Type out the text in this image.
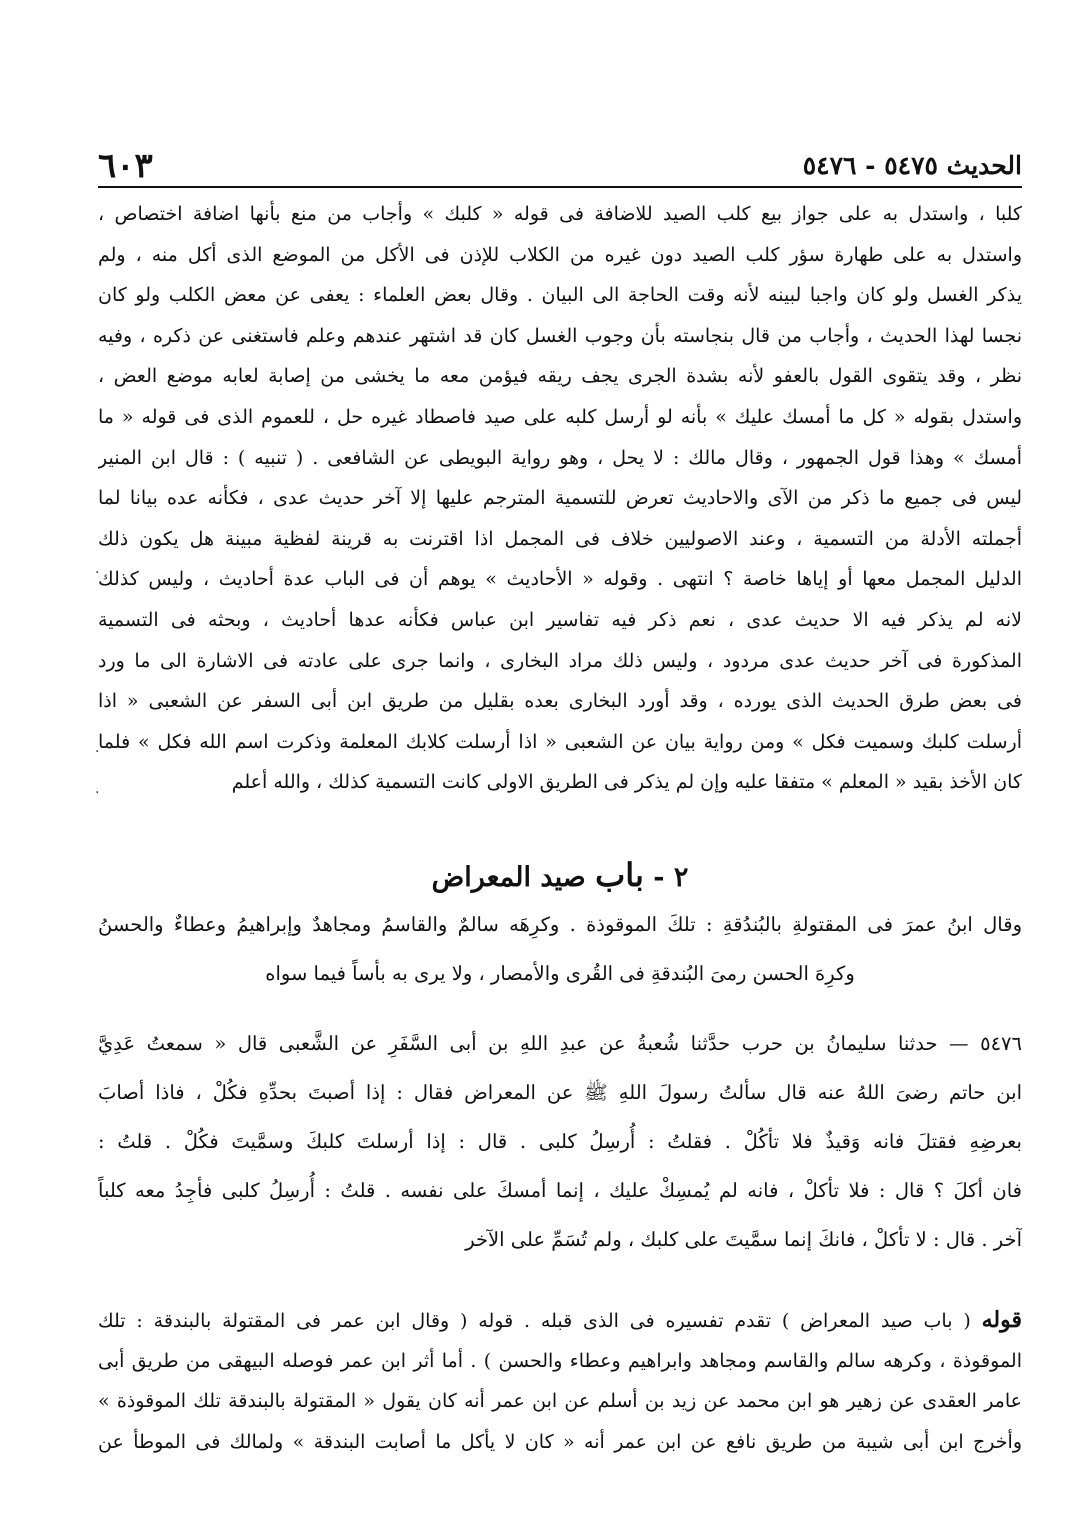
٦٠٣	الحديث ٥٤٧٥ - ٥٤٧٦
كلبا ، واستدل به على جواز بيع كلب الصيد للاضافة فى قوله « كلبك » وأجاب من منع بأنها اضافة اختصاص ،
واستدل به على طهارة سؤر كلب الصيد دون غيره من الكلاب للإذن فى الأكل من الموضع الذى أكل منه ، ولم
يذكر الغسل ولو كان واجبا لبينه لأنه وقت الحاجة الى البيان . وقال بعض العلماء : يعفى عن معض الكلب ولو كان
نجسا لهذا الحديث ، وأجاب من قال بنجاسته بأن وجوب الغسل كان قد اشتهر عندهم وعلم فاستغنى عن ذكره ، وفيه
نظر ، وقد يتقوى القول بالعفو لأنه بشدة الجرى يجف ريقه فيؤمن معه ما يخشى من إصابة لعابه موضع العض ،
واستدل بقوله « كل ما أمسك عليك » بأنه لو أرسل كلبه على صيد فاصطاد غيره حل ، للعموم الذى فى قوله « ما
أمسك » وهذا قول الجمهور ، وقال مالك : لا يحل ، وهو رواية البويطى عن الشافعى . ( تنبيه ) : قال ابن المنير
ليس فى جميع ما ذكر من الآى والاحاديث تعرض للتسمية المترجم عليها إلا آخر حديث عدى ، فكأنه عده بيانا لما
أجملته الأدلة من التسمية ، وعند الاصوليين خلاف فى المجمل اذا اقترنت به قرينة لفظية مبينة هل يكون ذلك
الدليل المجمل معها أو إياها خاصة ؟ انتهى . وقوله « الأحاديث » يوهم أن فى الباب عدة أحاديث ، وليس كذلك
لانه لم يذكر فيه الا حديث عدى ، نعم ذكر فيه تفاسير ابن عباس فكأنه عدها أحاديث ، وبحثه فى التسمية
المذكورة فى آخر حديث عدى مردود ، وليس ذلك مراد البخارى ، وانما جرى على عادته فى الاشارة الى ما ورد
فى بعض طرق الحديث الذى يورده ، وقد أورد البخارى بعده بقليل من طريق ابن أبى السفر عن الشعبى « اذا
أرسلت كلبك وسميت فكل » ومن رواية بيان عن الشعبى « اذا أرسلت كلابك المعلمة وذكرت اسم الله فكل » فلما
كان الأخذ بقيد « المعلم » متفقا عليه وإن لم يذكر فى الطريق الاولى كانت التسمية كذلك ، والله أعلم
٢ - باب صيد المعراض
وقال ابنُ عمرَ فى المقتولةِ بالبُندُقةِ : تلكَ الموقوذة . وكرِهَه سالمٌ والقاسمُ ومجاهدٌ وإبراهيمُ وعطاءٌ والحسنُ
وكرِهَ الحسن رمىَ البُندقةِ فى القُرى والأمصار ، ولا يرى به بأساً فيما سواه
٥٤٧٦ — حدثنا سليمانُ بن حرب حدَّثنا شُعبةُ عن عبدِ اللهِ بن أبى السَّفَرِ عن الشَّعبى قال « سمعتُ عَدِيَّ
ابن حاتم رضىَ اللهُ عنه قال سألتُ رسولَ اللهِ ﷺ عن المعراض فقال : إذا أصبتَ بحدِّهِ فكُلْ ، فاذا أصابَ
بعرضِهِ فقتلَ فانه وَقيذٌ فلا تأكُلْ . فقلتُ : أُرسِلُ كلبى . قال : إذا أرسلتَ كلبكَ وسمَّيتَ فكُلْ . قلتُ :
فان أكلَ ؟ قال : فلا تأكلْ ، فانه لم يُمسِكْ عليك ، إنما أمسكَ على نفسه . قلتُ : أُرسِلُ كلبى فأجِدُ معه كلباً
آخر . قال : لا تأكلْ ، فانكَ إنما سمَّيتَ على كلبك ، ولم تُسَمِّ على الآخر
قوله ( باب صيد المعراض ) تقدم تفسيره فى الذى قبله . قوله ( وقال ابن عمر فى المقتولة بالبندقة : تلك
الموقوذة ، وكرهه سالم والقاسم ومجاهد وابراهيم وعطاء والحسن ) . أما أثر ابن عمر فوصله البيهقى من طريق أبى
عامر العقدى عن زهير هو ابن محمد عن زيد بن أسلم عن ابن عمر أنه كان يقول « المقتولة بالبندقة تلك الموقوذة »
وأخرج ابن أبى شيبة من طريق نافع عن ابن عمر أنه « كان لا يأكل ما أصابت البندقة » ولمالك فى الموطأ عن
.
.
.
